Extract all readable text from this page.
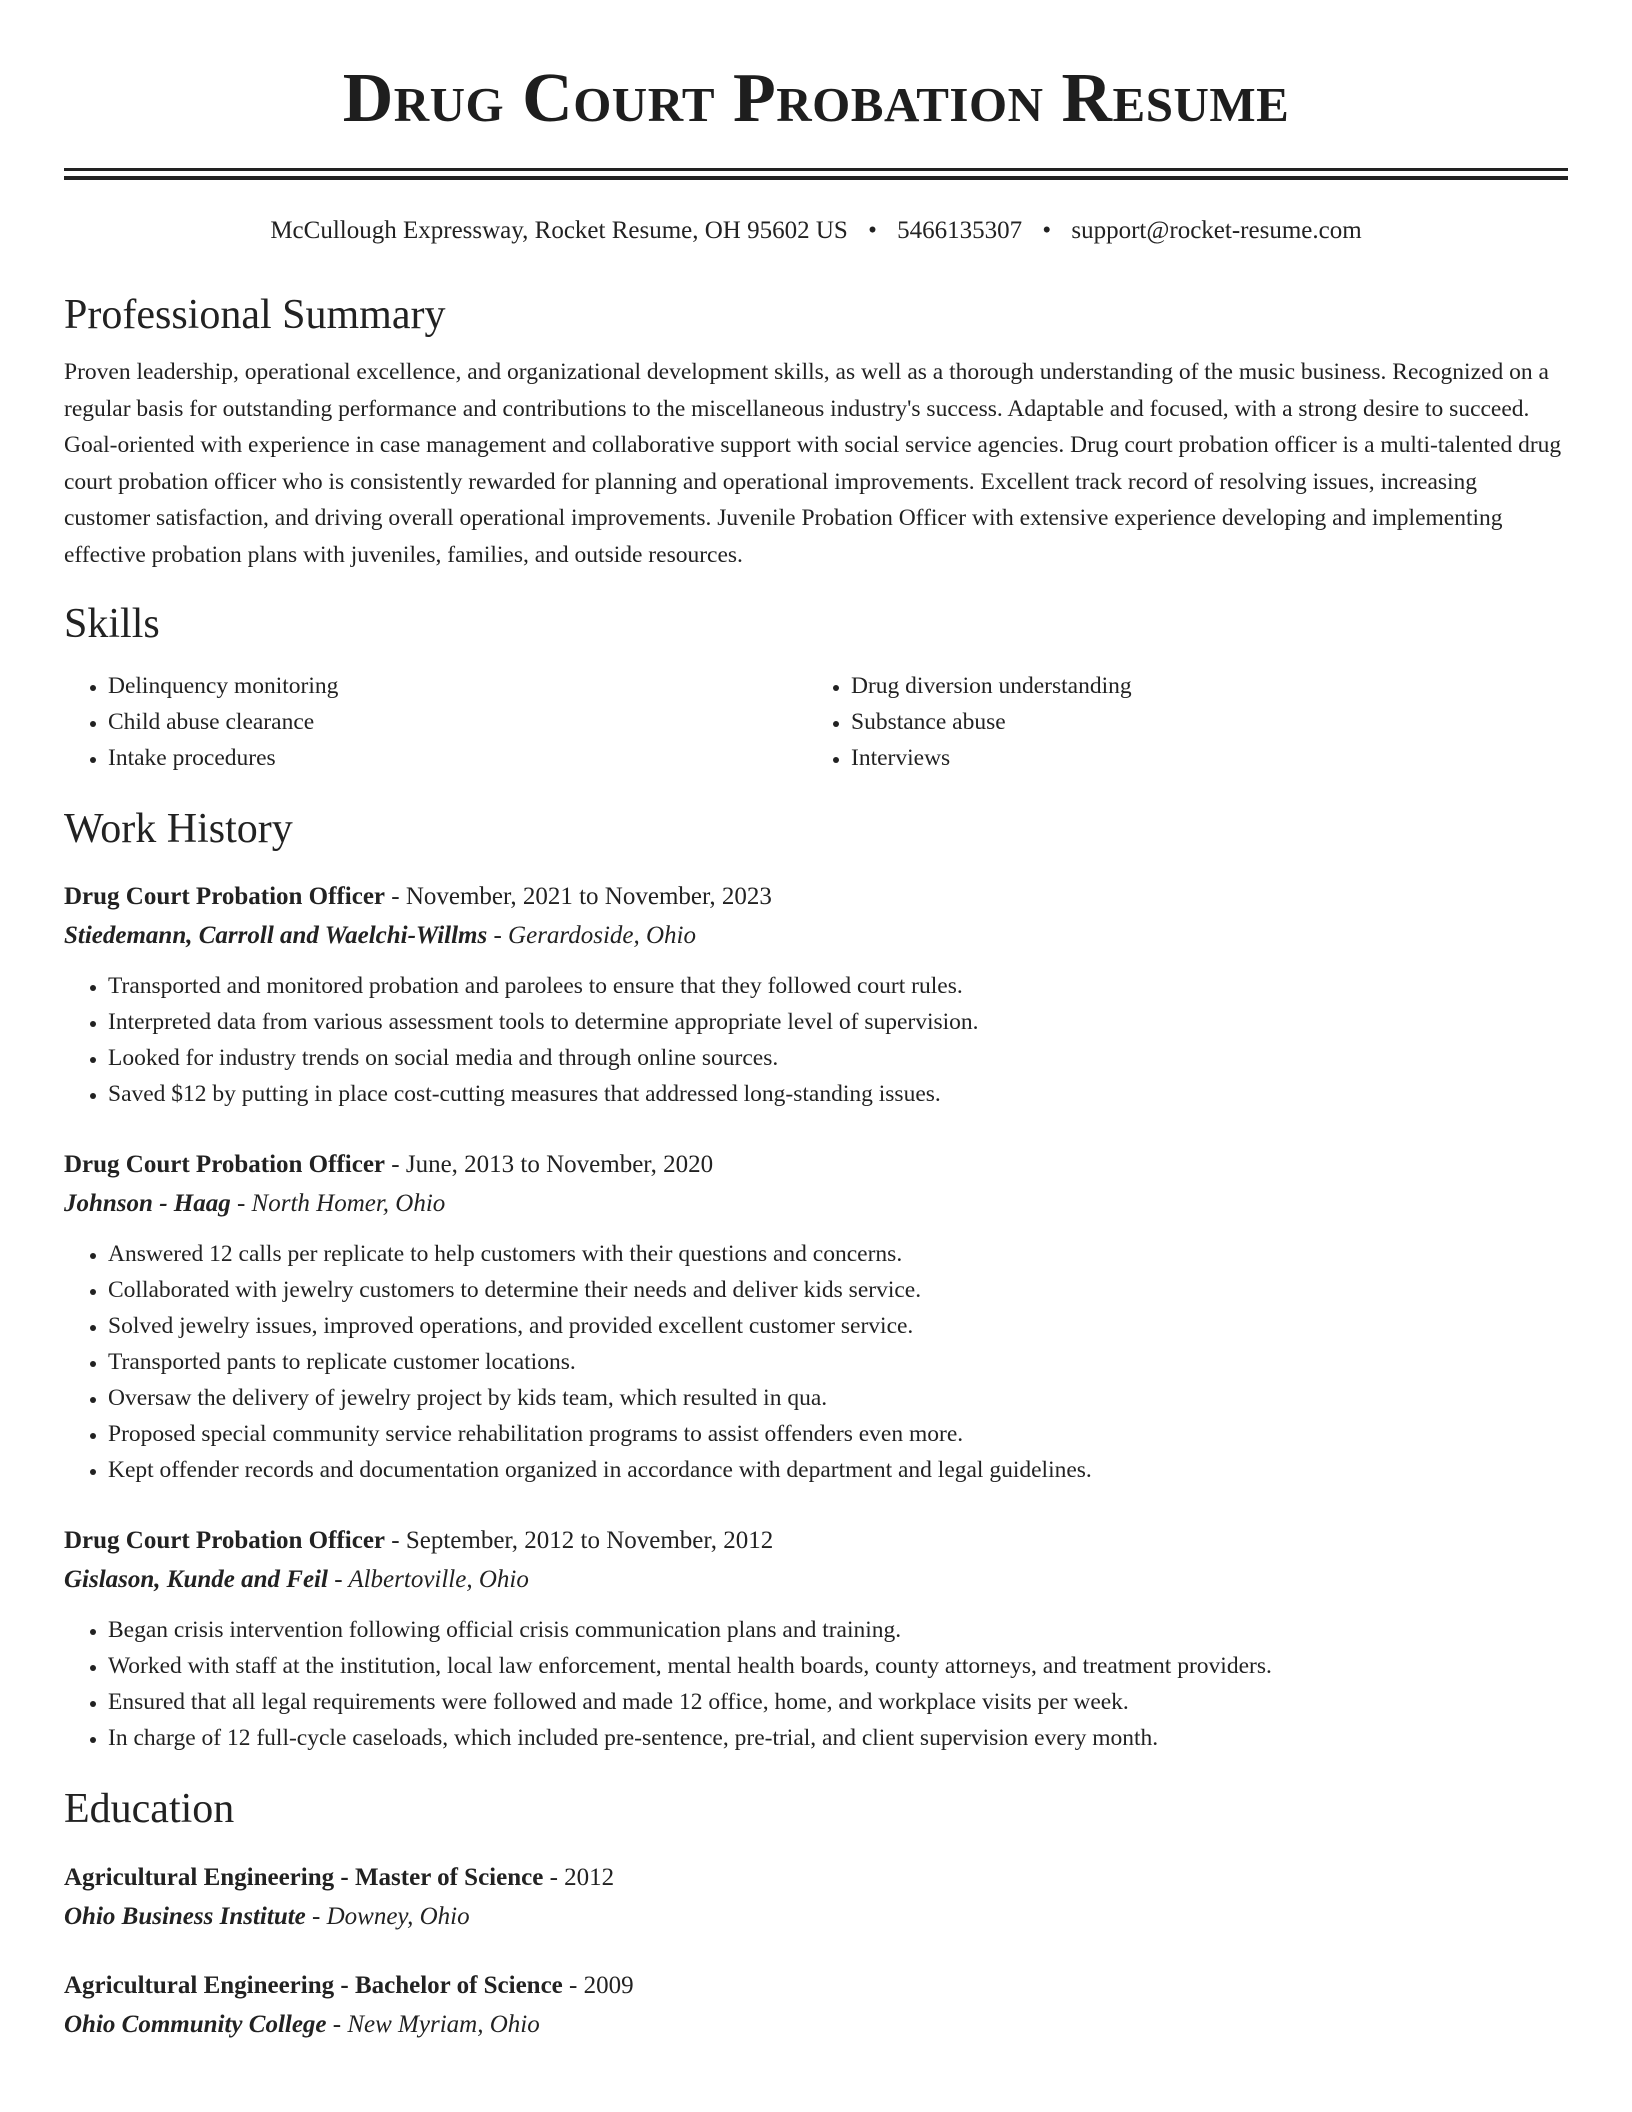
Drug Court Probation Resume
McCullough Expressway, Rocket Resume, OH 95602 US • 5466135307 • support@rocket-resume.com
Professional Summary

Proven leadership, operational excellence, and organizational development skills, as well as a thorough understanding of the music business. Recognized on a regular basis for outstanding performance and contributions to the miscellaneous industry's success. Adaptable and focused, with a strong desire to succeed. Goal-oriented with experience in case management and collaborative support with social service agencies. Drug court probation officer is a multi-talented drug court probation officer who is consistently rewarded for planning and operational improvements. Excellent track record of resolving issues, increasing customer satisfaction, and driving overall operational improvements. Juvenile Probation Officer with extensive experience developing and implementing effective probation plans with juveniles, families, and outside resources.

Skills
• Delinquency monitoring
• Child abuse clearance
• Intake procedures
• Drug diversion understanding
• Substance abuse
• Interviews
Work History
Drug Court Probation Officer - November, 2021 to November, 2023
Stiedemann, Carroll and Waelchi-Willms - Gerardoside, Ohio
• Transported and monitored probation and parolees to ensure that they followed court rules.
• Interpreted data from various assessment tools to determine appropriate level of supervision.
• Looked for industry trends on social media and through online sources.
• Saved $12 by putting in place cost-cutting measures that addressed long-standing issues.
Drug Court Probation Officer - June, 2013 to November, 2020
Johnson - Haag - North Homer, Ohio
• Answered 12 calls per replicate to help customers with their questions and concerns.
• Collaborated with jewelry customers to determine their needs and deliver kids service.
• Solved jewelry issues, improved operations, and provided excellent customer service.
• Transported pants to replicate customer locations.
• Oversaw the delivery of jewelry project by kids team, which resulted in qua.
• Proposed special community service rehabilitation programs to assist offenders even more.
• Kept offender records and documentation organized in accordance with department and legal guidelines.
Drug Court Probation Officer - September, 2012 to November, 2012
Gislason, Kunde and Feil - Albertoville, Ohio
• Began crisis intervention following official crisis communication plans and training.
• Worked with staff at the institution, local law enforcement, mental health boards, county attorneys, and treatment providers.
• Ensured that all legal requirements were followed and made 12 office, home, and workplace visits per week.
• In charge of 12 full-cycle caseloads, which included pre-sentence, pre-trial, and client supervision every month.
Education
Agricultural Engineering - Master of Science - 2012
Ohio Business Institute - Downey, Ohio
Agricultural Engineering - Bachelor of Science - 2009
Ohio Community College - New Myriam, Ohio
